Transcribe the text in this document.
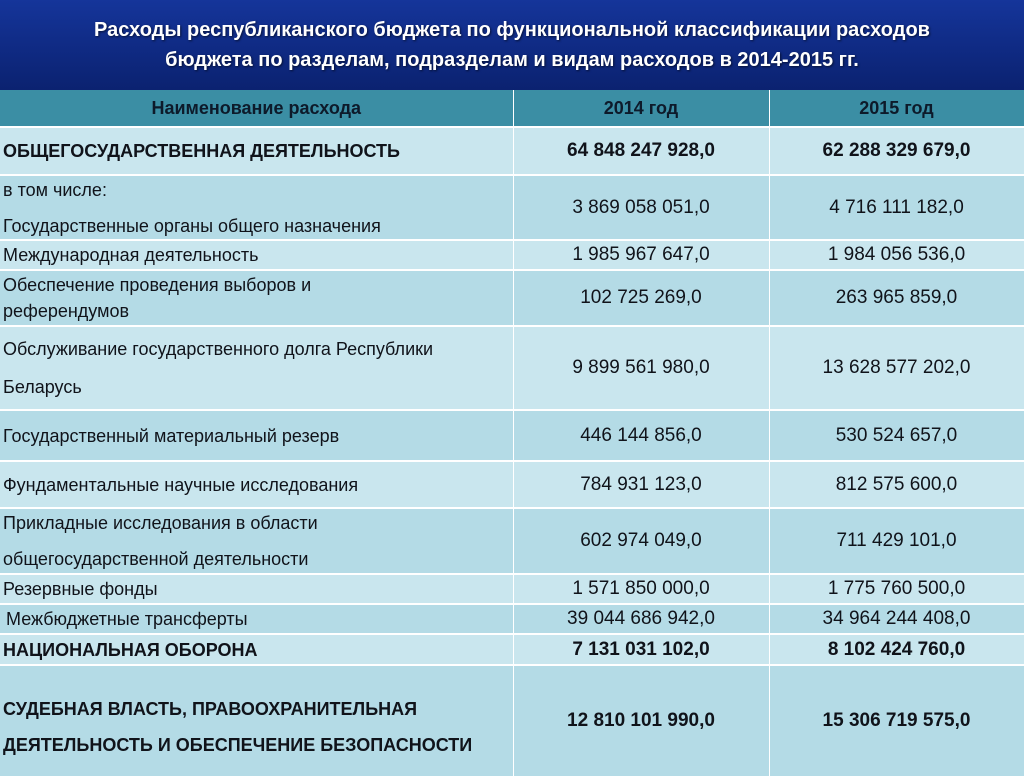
Расходы республиканского бюджета по функциональной классификации расходов
бюджета по разделам, подразделам и видам расходов в 2014-2015 гг.
Наименование расхода	2014 год	2015 год
ОБЩЕГОСУДАРСТВЕННАЯ ДЕЯТЕЛЬНОСТЬ	64 848 247 928,0	62 288 329 679,0

в том числе:
Государственные органы общего назначения	3 869 058 051,0	4 716 111 182,0
Международная деятельность	1 985 967 647,0	1 984 056 536,0

Обеспечение проведения выборов и
референдумов	102 725 269,0	263 965 859,0

Обслуживание государственного долга Республики
Беларусь	9 899 561 980,0	13 628 577 202,0
Государственный материальный резерв	446 144 856,0	530 524 657,0
Фундаментальные научные исследования	784 931 123,0	812 575 600,0

Прикладные исследования в области
общегосударственной деятельности	602 974 049,0	711 429 101,0
Резервные фонды	1 571 850 000,0	1 775 760 500,0
Межбюджетные трансферты	39 044 686 942,0	34 964 244 408,0
НАЦИОНАЛЬНАЯ ОБОРОНА	7 131 031 102,0	8 102 424 760,0

СУДЕБНАЯ ВЛАСТЬ, ПРАВООХРАНИТЕЛЬНАЯ
ДЕЯТЕЛЬНОСТЬ И ОБЕСПЕЧЕНИЕ БЕЗОПАСНОСТИ	12 810 101 990,0	15 306 719 575,0
